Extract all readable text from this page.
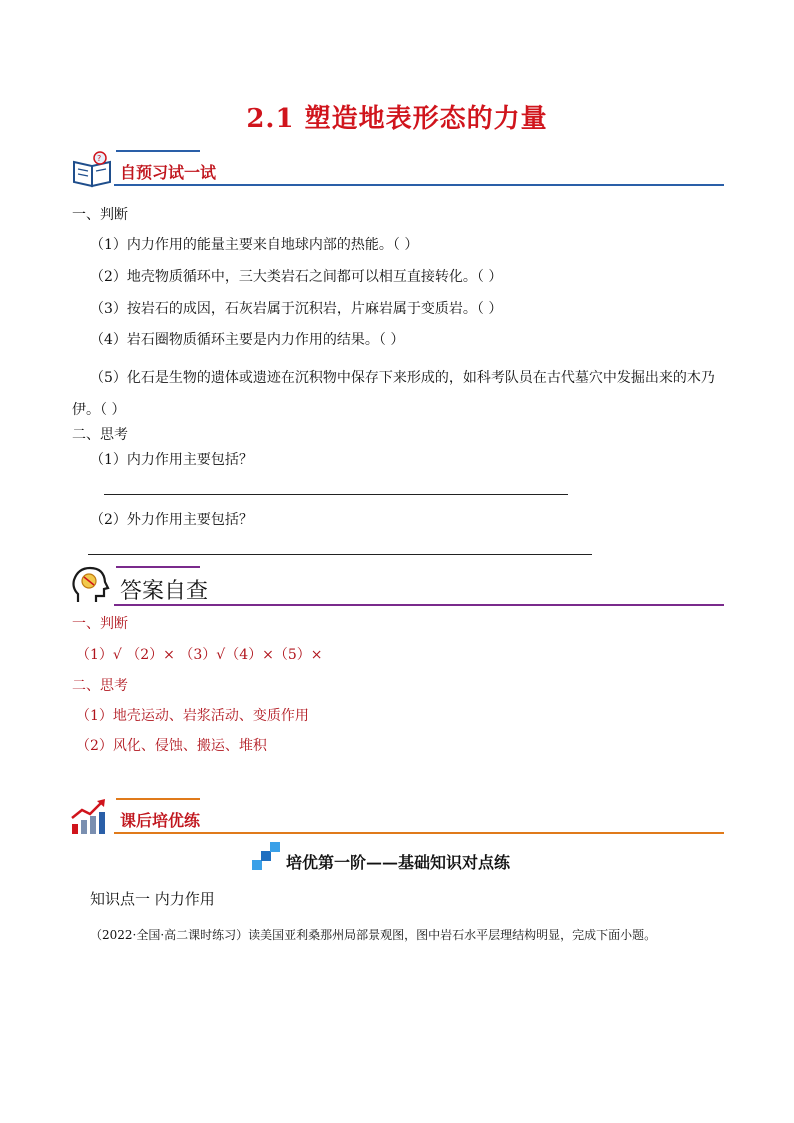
2.1 塑造地表形态的力量
?
自预习试一试
一、判断
（1）内力作用的能量主要来自地球内部的热能。（ ）
（2）地壳物质循环中，三大类岩石之间都可以相互直接转化。（ ）
（3）按岩石的成因，石灰岩属于沉积岩，片麻岩属于变质岩。（ ）
（4）岩石圈物质循环主要是内力作用的结果。（ ）
（5）化石是生物的遗体或遗迹在沉积物中保存下来形成的，如科考队员在古代墓穴中发掘出来的木乃伊。（ ）
二、思考
（1）内力作用主要包括？
（2）外力作用主要包括？
答案自查
一、判断
（1）√ （2）× （3）√（4）×（5）×
二、思考
（1）地壳运动、岩浆活动、变质作用
（2）风化、侵蚀、搬运、堆积
课后培优练
培优第一阶——基础知识对点练
知识点一 内力作用
（2022·全国·高二课时练习）读美国亚利桑那州局部景观图，图中岩石水平层理结构明显，完成下面小题。
